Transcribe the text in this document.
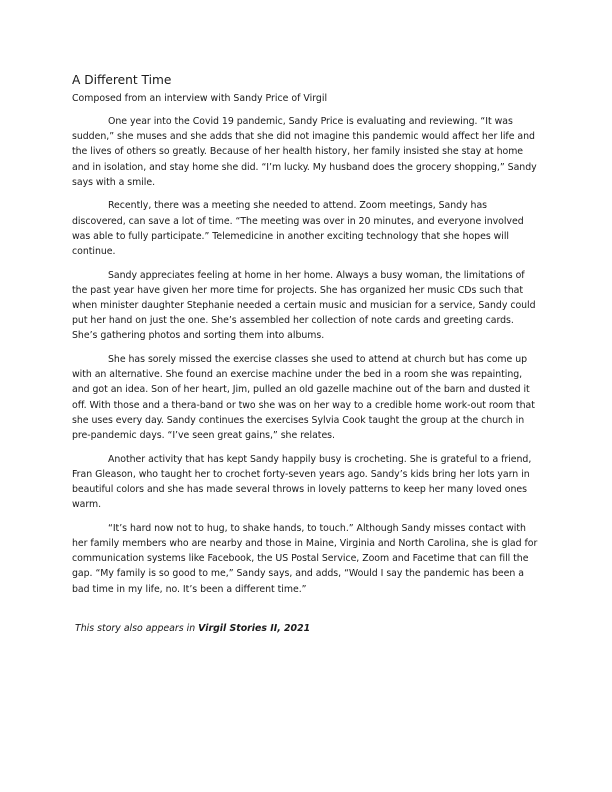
A Different Time
Composed from an interview with Sandy Price of Virgil

One year into the Covid 19 pandemic, Sandy Price is evaluating and reviewing. “It was sudden,” she muses and she adds that she did not imagine this pandemic would affect her life and the lives of others so greatly. Because of her health history, her family insisted she stay at home and in isolation, and stay home she did. “I’m lucky. My husband does the grocery shopping,” Sandy says with a smile.

Recently, there was a meeting she needed to attend. Zoom meetings, Sandy has discovered, can save a lot of time. “The meeting was over in 20 minutes, and everyone involved was able to fully participate.” Telemedicine in another exciting technology that she hopes will continue.

Sandy appreciates feeling at home in her home. Always a busy woman, the limitations of the past year have given her more time for projects. She has organized her music CDs such that when minister daughter Stephanie needed a certain music and musician for a service, Sandy could put her hand on just the one. She’s assembled her collection of note cards and greeting cards. She’s gathering photos and sorting them into albums.

She has sorely missed the exercise classes she used to attend at church but has come up with an alternative. She found an exercise machine under the bed in a room she was repainting, and got an idea. Son of her heart, Jim, pulled an old gazelle machine out of the barn and dusted it off. With those and a thera-band or two she was on her way to a credible home work-out room that she uses every day. Sandy continues the exercises Sylvia Cook taught the group at the church in pre-pandemic days. “I’ve seen great gains,” she relates.

Another activity that has kept Sandy happily busy is crocheting. She is grateful to a friend, Fran Gleason, who taught her to crochet forty-seven years ago. Sandy’s kids bring her lots yarn in beautiful colors and she has made several throws in lovely patterns to keep her many loved ones warm.

“It’s hard now not to hug, to shake hands, to touch.” Although Sandy misses contact with her family members who are nearby and those in Maine, Virginia and North Carolina, she is glad for communication systems like Facebook, the US Postal Service, Zoom and Facetime that can fill the gap. “My family is so good to me,” Sandy says, and adds, “Would I say the pandemic has been a bad time in my life, no. It’s been a different time.”

This story also appears in Virgil Stories II, 2021
